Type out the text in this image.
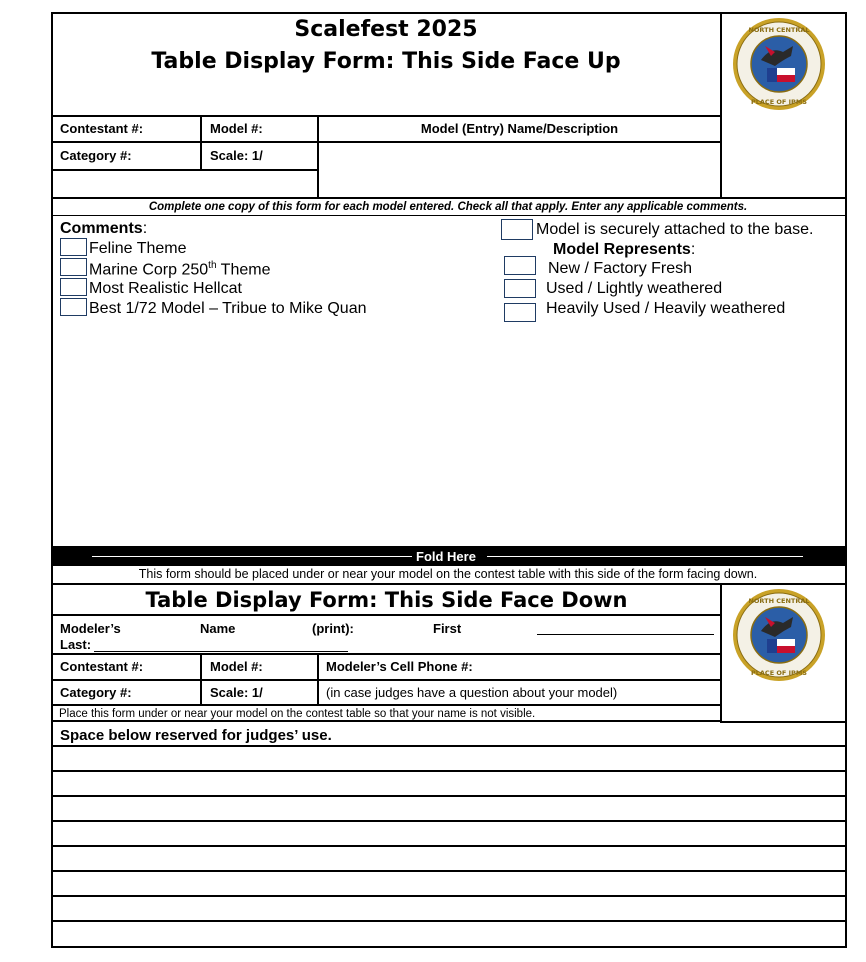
Scalefest 2025
Table Display Form: This Side Face Up
NORTH CENTRAL
PLACE OF IPMS
Contestant #:	Model #:	Model (Entry) Name/Description
Category #:	Scale: 1/
Complete one copy of this form for each model entered. Check all that apply. Enter any applicable comments.
Comments:
Feline Theme
Marine Corp 250th Theme
Most Realistic Hellcat
Best 1/72 Model – Tribue to Mike Quan
Model is securely attached to the base.
Model Represents:
New / Factory Fresh
Used / Lightly weathered
Heavily Used / Heavily weathered
Fold Here
This form should be placed under or near your model on the contest table with this side of the form facing down.
Table Display Form: This Side Face Down	NORTH CENTRAL
PLACE OF IPMS
Modeler’s
Last:
Name	(print):	First
Contestant #:	Model #:	Modeler’s Cell Phone #:
Category #:	Scale: 1/	(in case judges have a question about your model)
Place this form under or near your model on the contest table so that your name is not visible.
Space below reserved for judges’ use.
